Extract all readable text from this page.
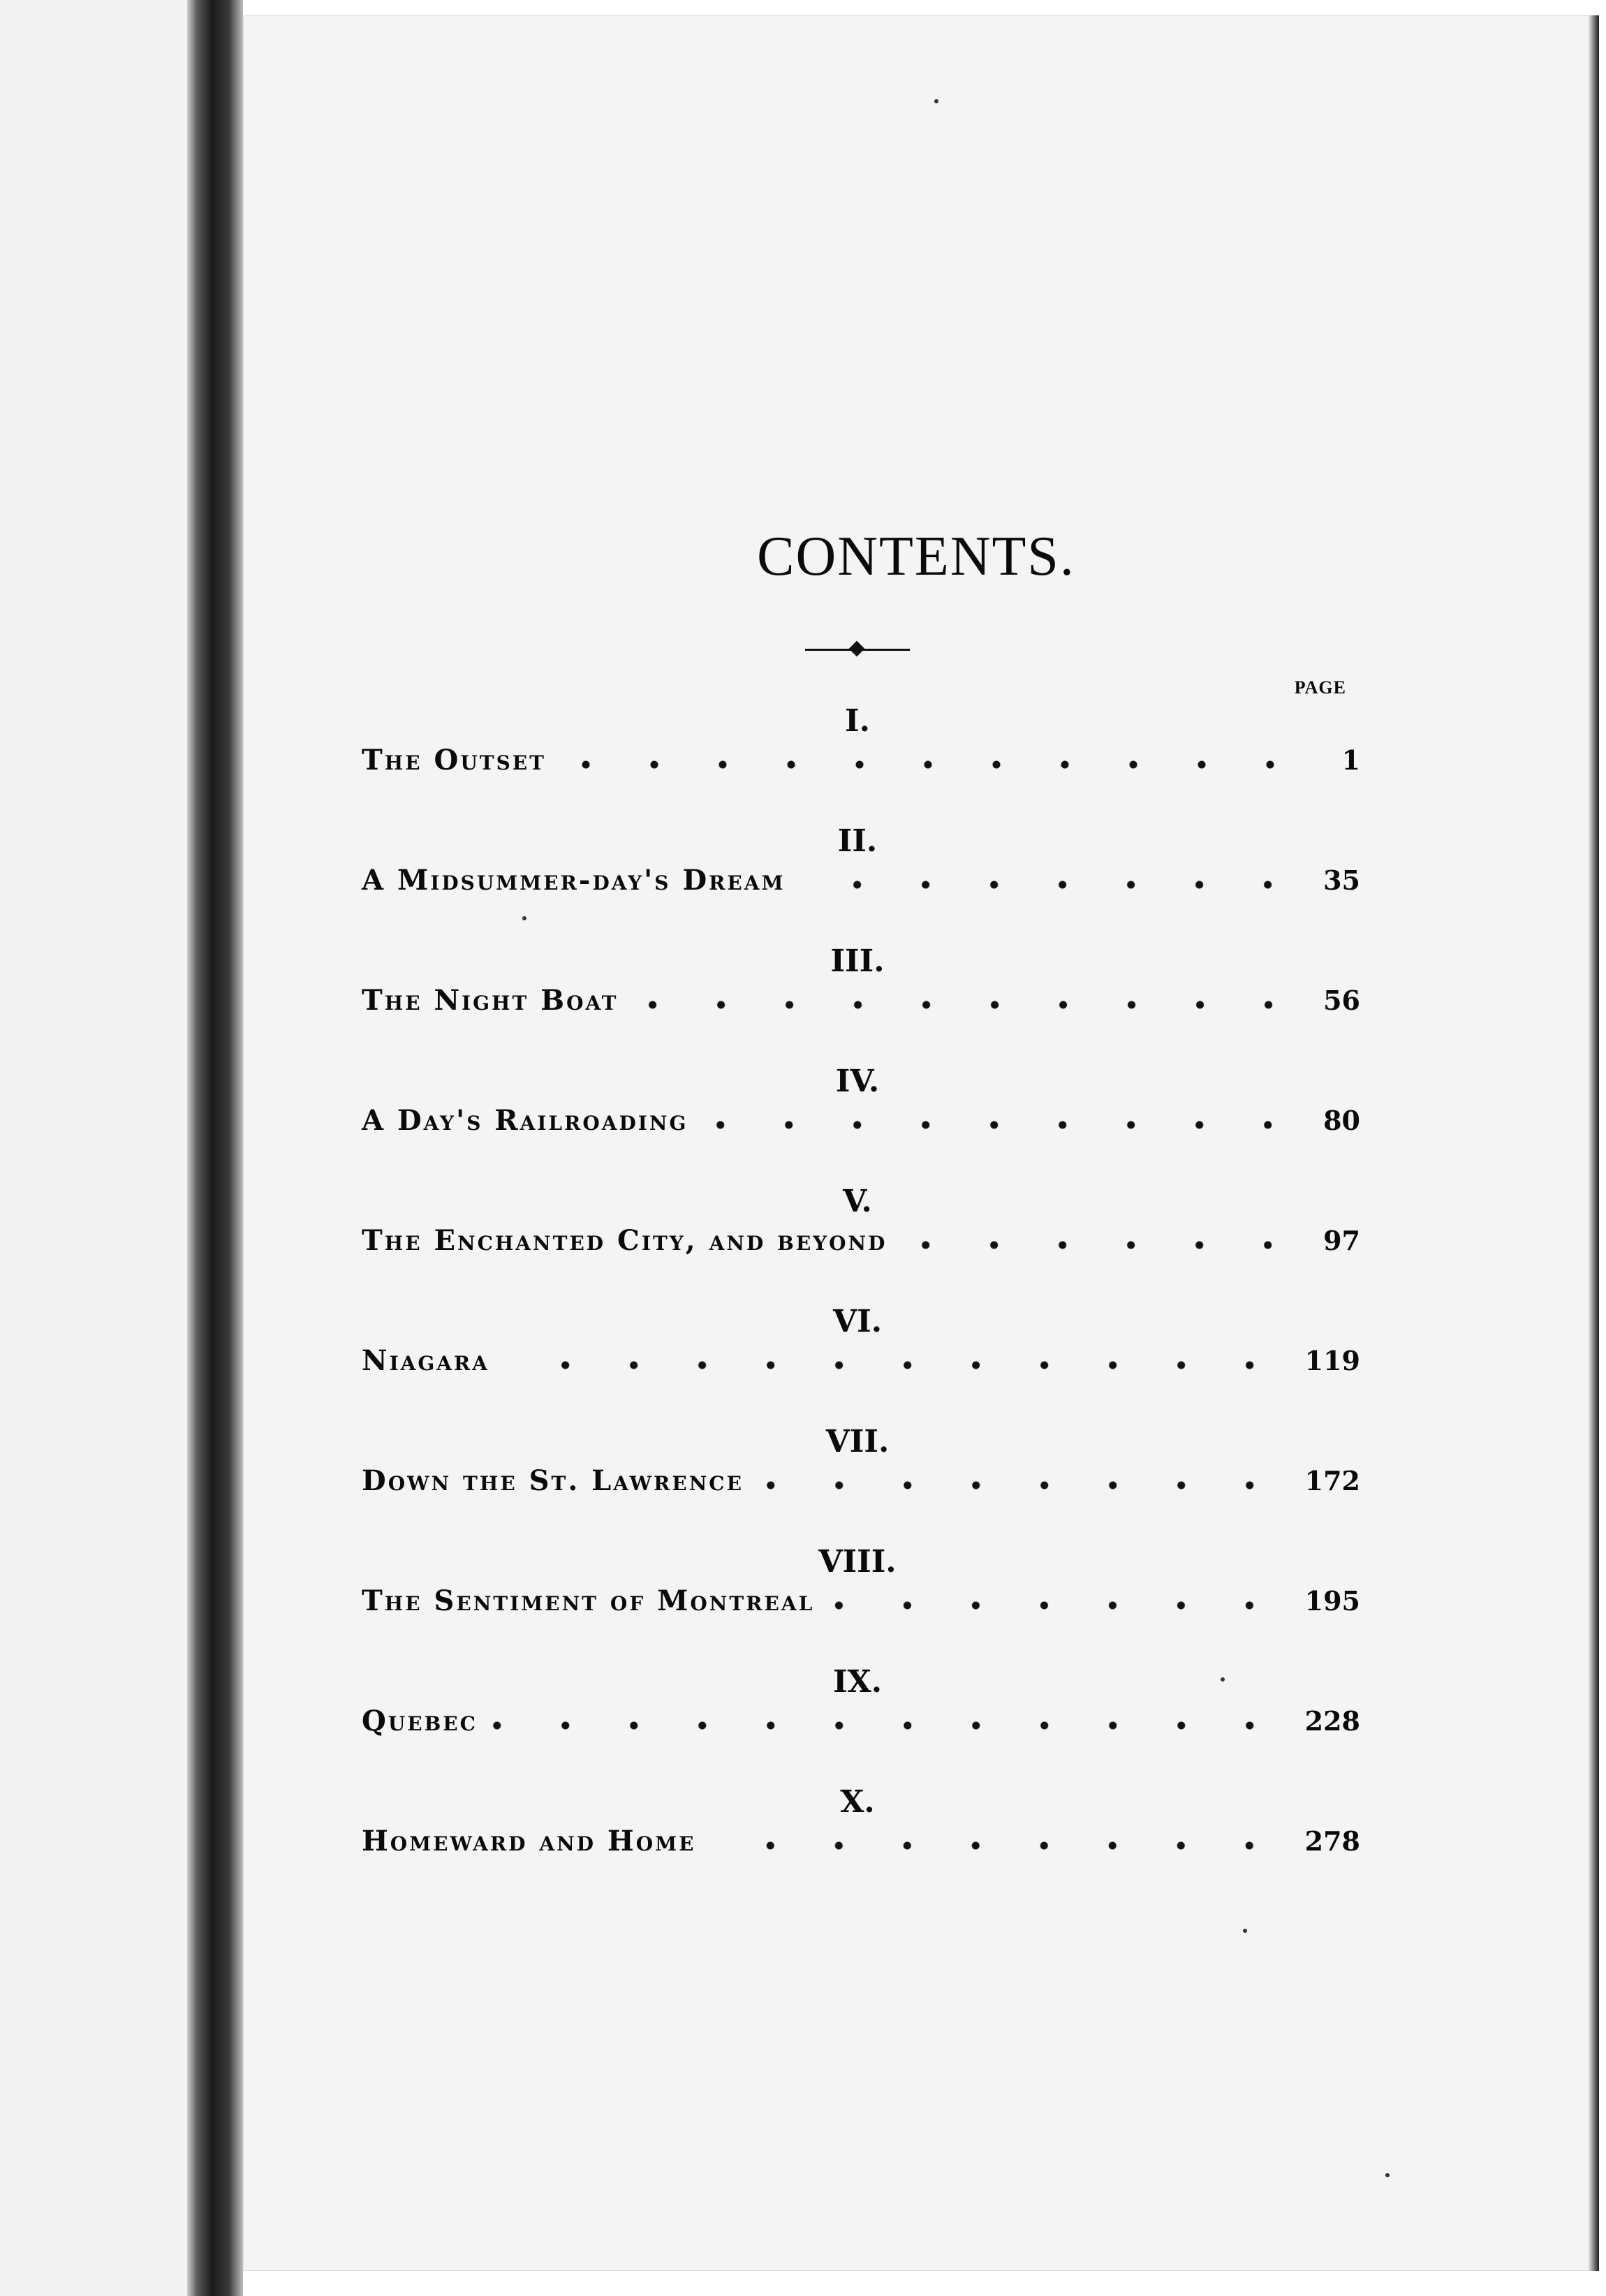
CONTENTS.
PAGE
I.
The Outset	1
II.
A Midsummer-day's Dream	35
III.
The Night Boat	56
IV.
A Day's Railroading	80
V.
The Enchanted City, and beyond	97
VI.
Niagara	119
VII.
Down the St. Lawrence	172
VIII.
The Sentiment of Montreal	195
IX.
Quebec	228
X.
Homeward and Home	278
